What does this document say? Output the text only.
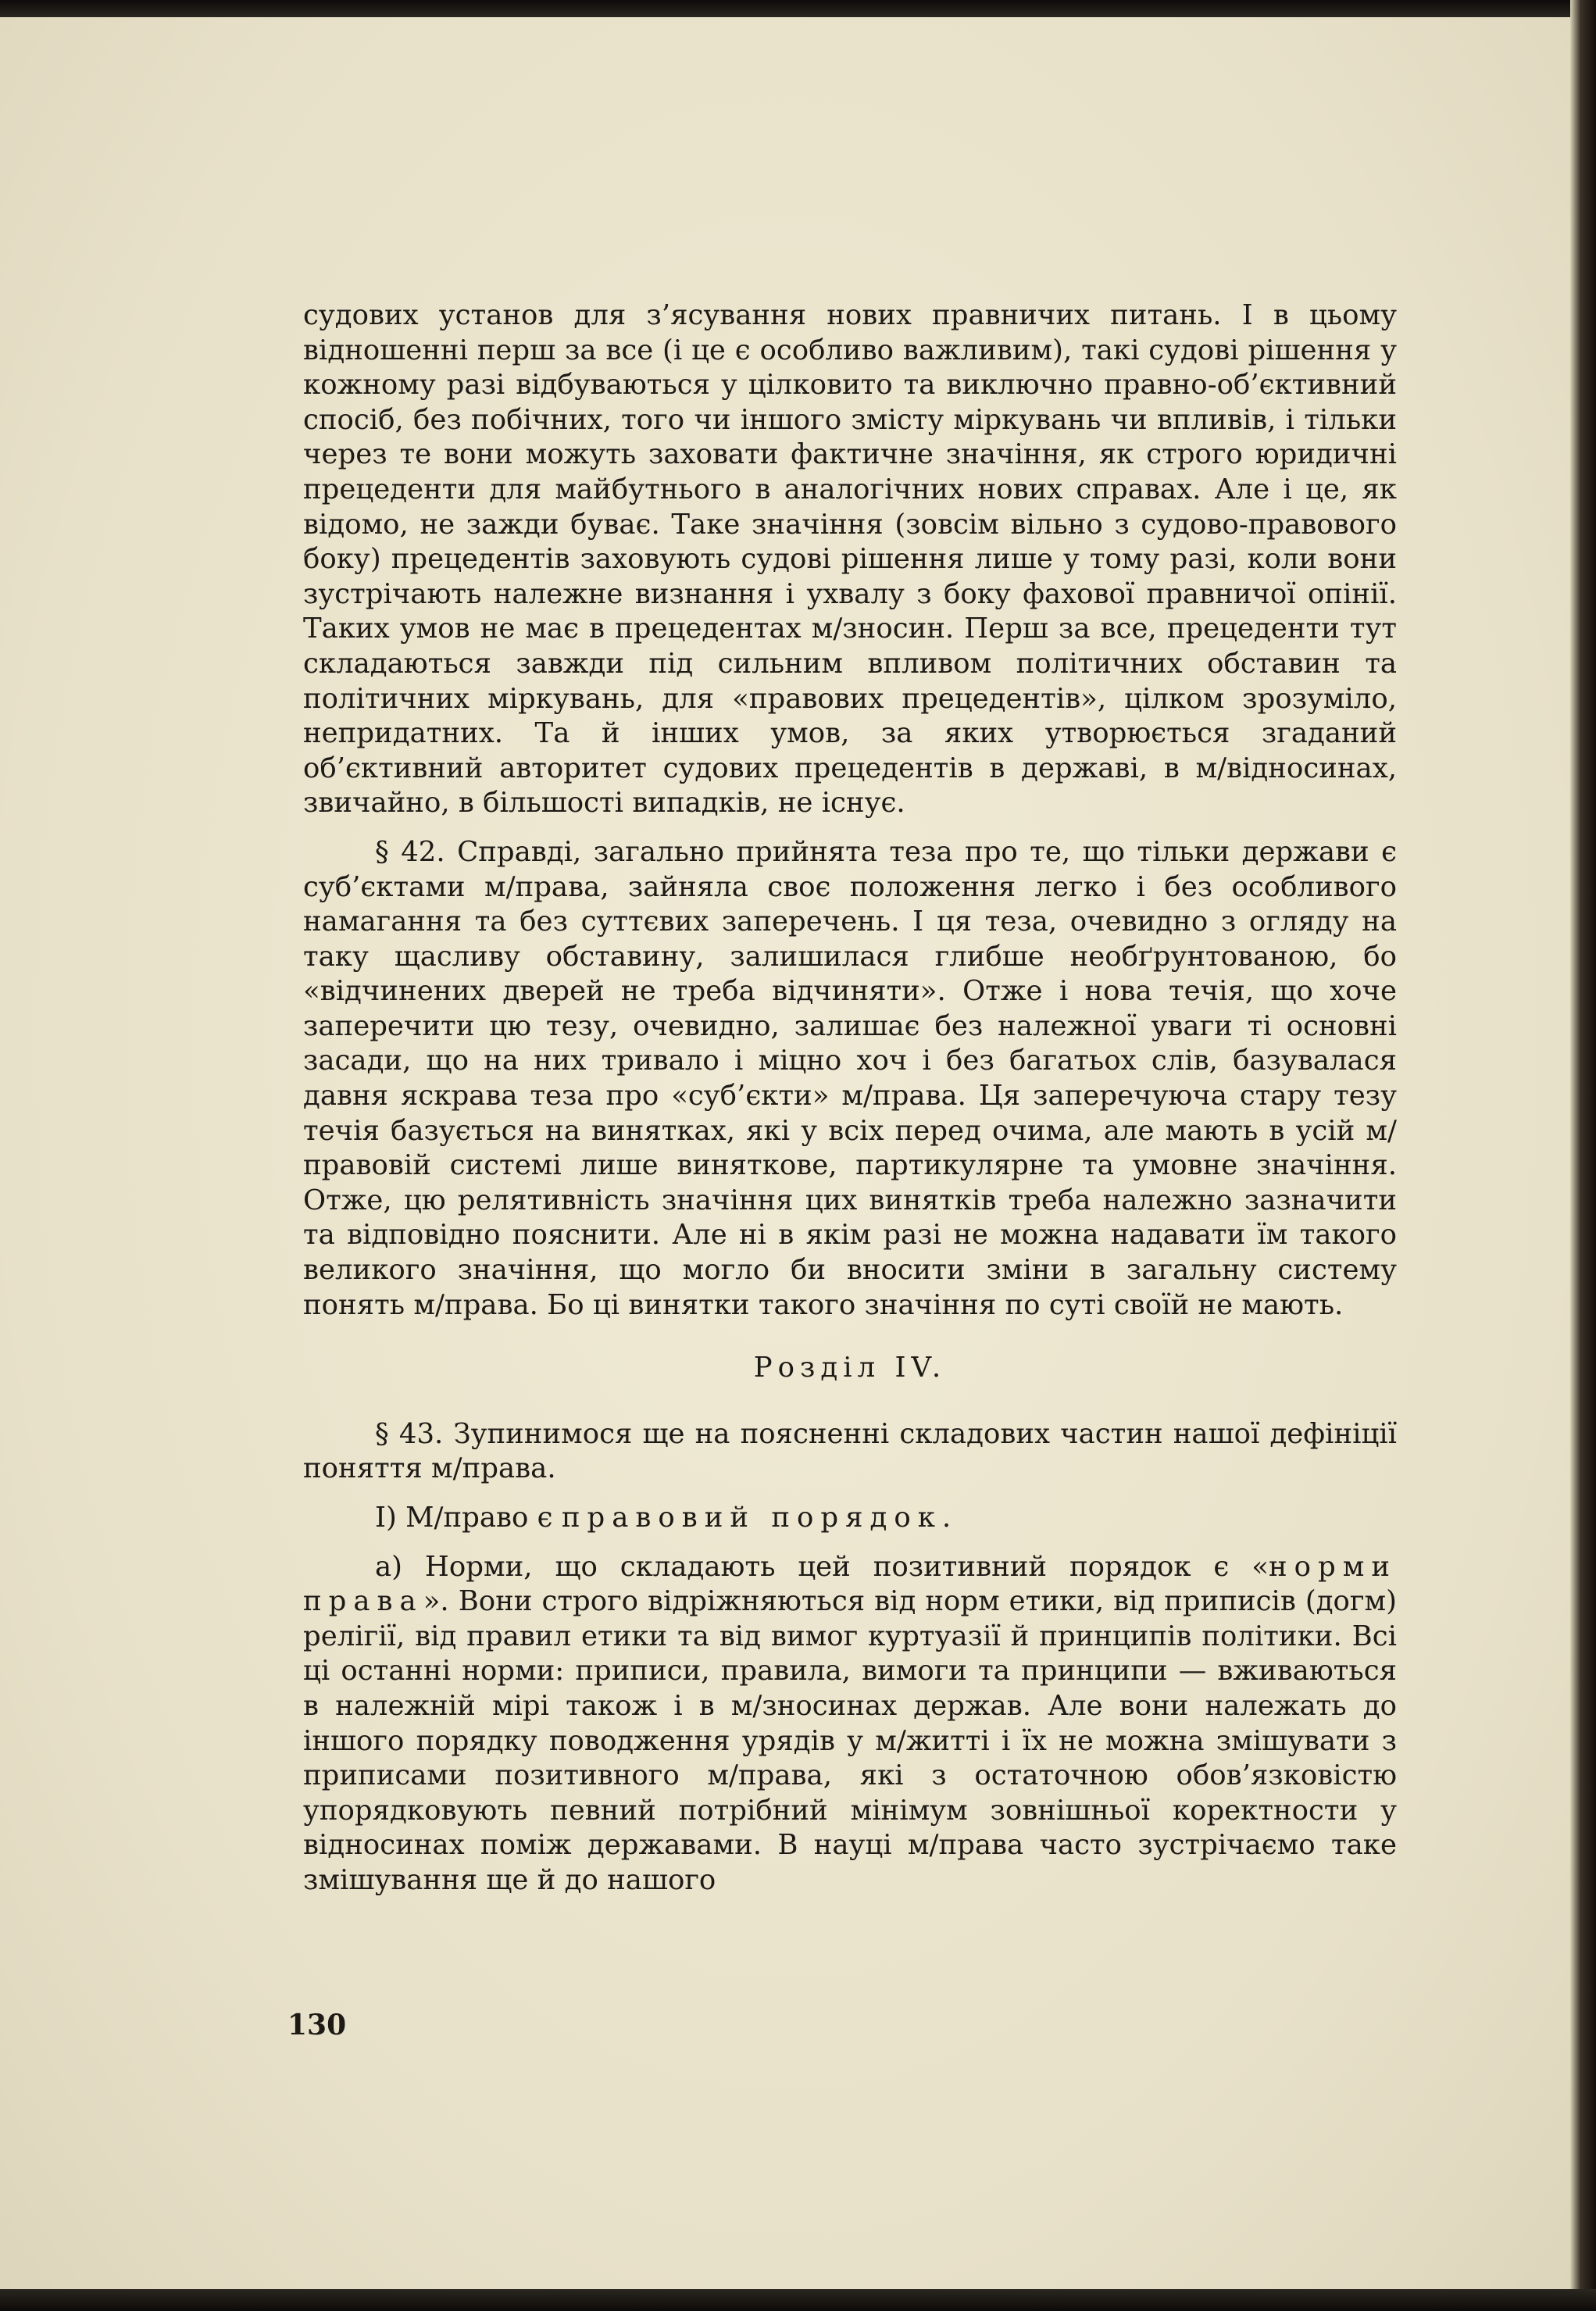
судових установ для з’ясування нових правничих питань. І в цьому відношенні перш за все (і це є особливо важливим), такі судові рішення у кожному разі відбуваються у цілковито та виключно правно-об’єктивний спосіб, без побічних, того чи іншого змісту міркувань чи впливів, і тільки через те вони можуть заховати фактичне значіння, як строго юридичні прецеденти для майбутнього в аналогічних нових справах. Але і це, як відомо, не зажди буває. Таке значіння (зовсім вільно з судово-правового боку) прецедентів заховують судові рішення лише у тому разі, коли вони зустрічають належне визнання і ухвалу з боку фахової правничої опінії. Таких умов не має в прецедентах м/зносин. Перш за все, прецеденти тут складаються завжди під сильним впливом політичних обставин та політичних міркувань, для «правових прецедентів», цілком зрозуміло, непридатних. Та й інших умов, за яких утворюється згаданий об’єктивний авторитет судових прецедентів в державі, в м/відносинах, звичайно, в більшості випадків, не існує.

§ 42. Справді, загально прийнята теза про те, що тільки держави є суб’єктами м/права, зайняла своє положення легко і без особливого намагання та без суттєвих заперечень. І ця теза, очевидно з огляду на таку щасливу обставину, залишилася глибше необґрунтованою, бо «відчинених дверей не треба відчиняти». Отже і нова течія, що хоче заперечити цю тезу, очевидно, залишає без належної уваги ті основні засади, що на них тривало і міцно хоч і без багатьох слів, базувалася давня яскрава теза про «суб’єкти» м/права. Ця заперечуюча стару тезу течія базується на винятках, які у всіх перед очима, але мають в усій м/правовій системі лише виняткове, партикулярне та умовне значіння. Отже, цю релятивність значіння цих винятків треба належно зазначити та відповідно пояснити. Але ні в якім разі не можна надавати їм такого великого значіння, що могло би вносити зміни в загальну систему понять м/права. Бо ці винятки такого значіння по суті своїй не мають.

Розділ IV.

§ 43. Зупинимося ще на поясненні складових частин нашої дефініції поняття м/права.

І) М/право є правовий порядок.

а) Норми, що складають цей позитивний порядок є «норми права». Вони строго відріжняються від норм етики, від приписів (догм) релігії, від правил етики та від вимог куртуазії й принципів політики. Всі ці останні норми: приписи, правила, вимоги та принципи — вживаються в належній мірі також і в м/зносинах держав. Але вони належать до іншого порядку поводження урядів у м/житті і їх не можна змішувати з приписами позитивного м/права, які з остаточною обов’язковістю упорядковують певний потрібний мінімум зовнішньої коректности у відносинах поміж державами. В науці м/права часто зустрічаємо таке змішування ще й до нашого

130
